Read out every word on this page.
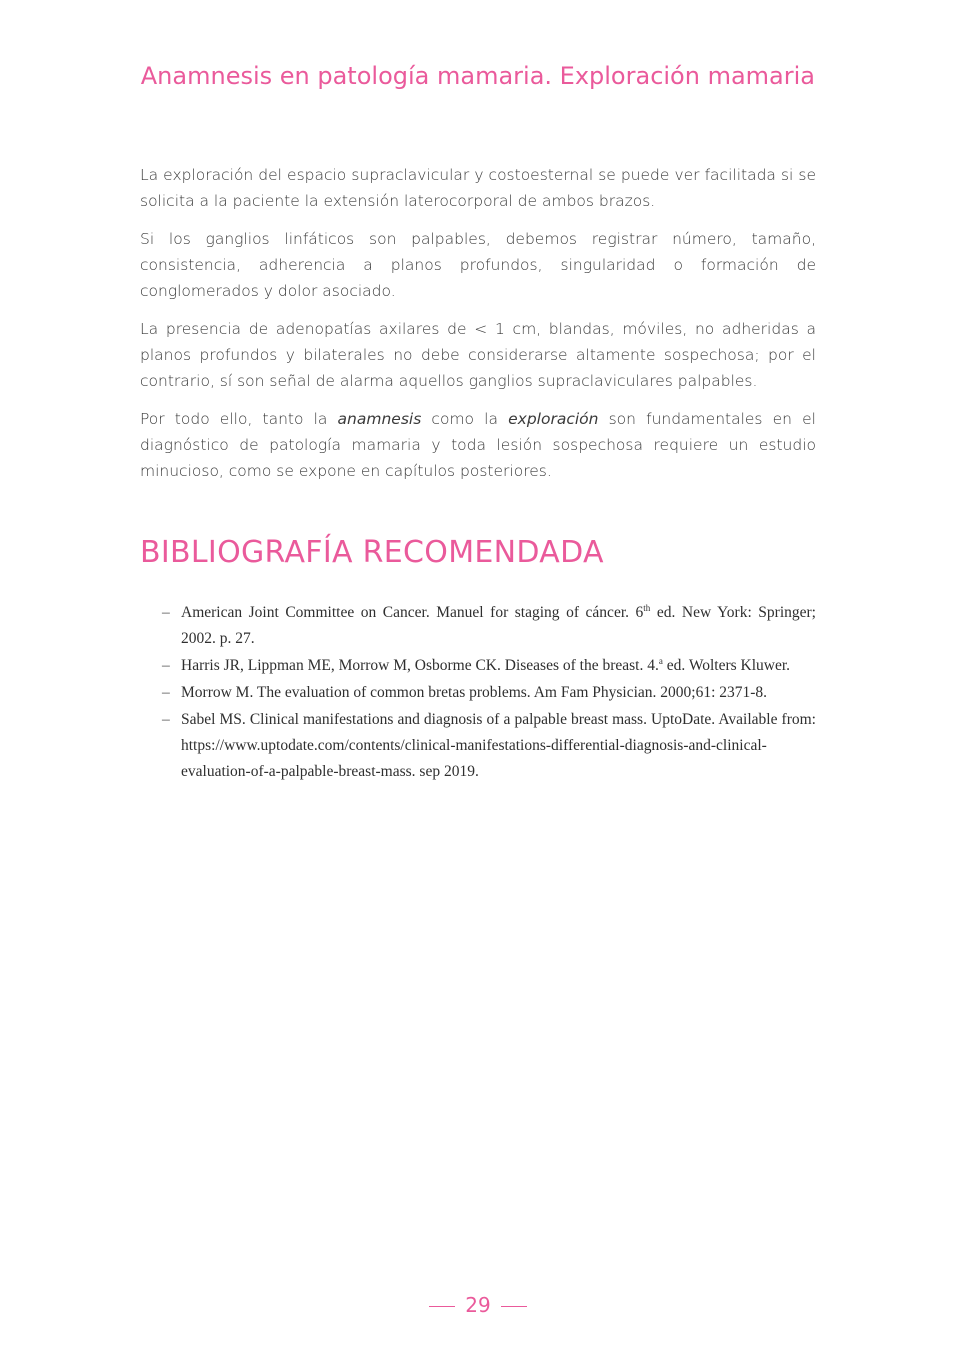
Anamnesis en patología mamaria. Exploración mamaria

La exploración del espacio supraclavicular y costoesternal se puede ver facilitada si se solicita a la paciente la extensión laterocorporal de ambos brazos.

Si los ganglios linfáticos son palpables, debemos registrar número, tamaño, consistencia, adherencia a planos profundos, singularidad o formación de conglomerados y dolor asociado.

La presencia de adenopatías axilares de < 1 cm, blandas, móviles, no adheridas a planos profundos y bilaterales no debe considerarse altamente sospechosa; por el contrario, sí son señal de alarma aquellos ganglios supraclaviculares palpables.

Por todo ello, tanto la anamnesis como la exploración son fundamentales en el diagnóstico de patología mamaria y toda lesión sospechosa requiere un estudio minucioso, como se expone en capítulos posteriores.

BIBLIOGRAFÍA RECOMENDADA
– American Joint Committee on Cancer. Manuel for staging of cáncer. 6th ed. New York: Springer; 2002. p. 27.
– Harris JR, Lippman ME, Morrow M, Osborme CK. Diseases of the breast. 4.$^a$ ed. Wolters Kluwer.
– Morrow M. The evaluation of common bretas problems. Am Fam Physician. 2000;61: 2371-8.
– Sabel MS. Clinical manifestations and diagnosis of a palpable breast mass. UptoDate. Available from: https://www.uptodate.com/contents/clinical-manifestations-differential-diagnosis-and-clinical-evaluation-of-a-palpable-breast-mass. sep 2019.
29
